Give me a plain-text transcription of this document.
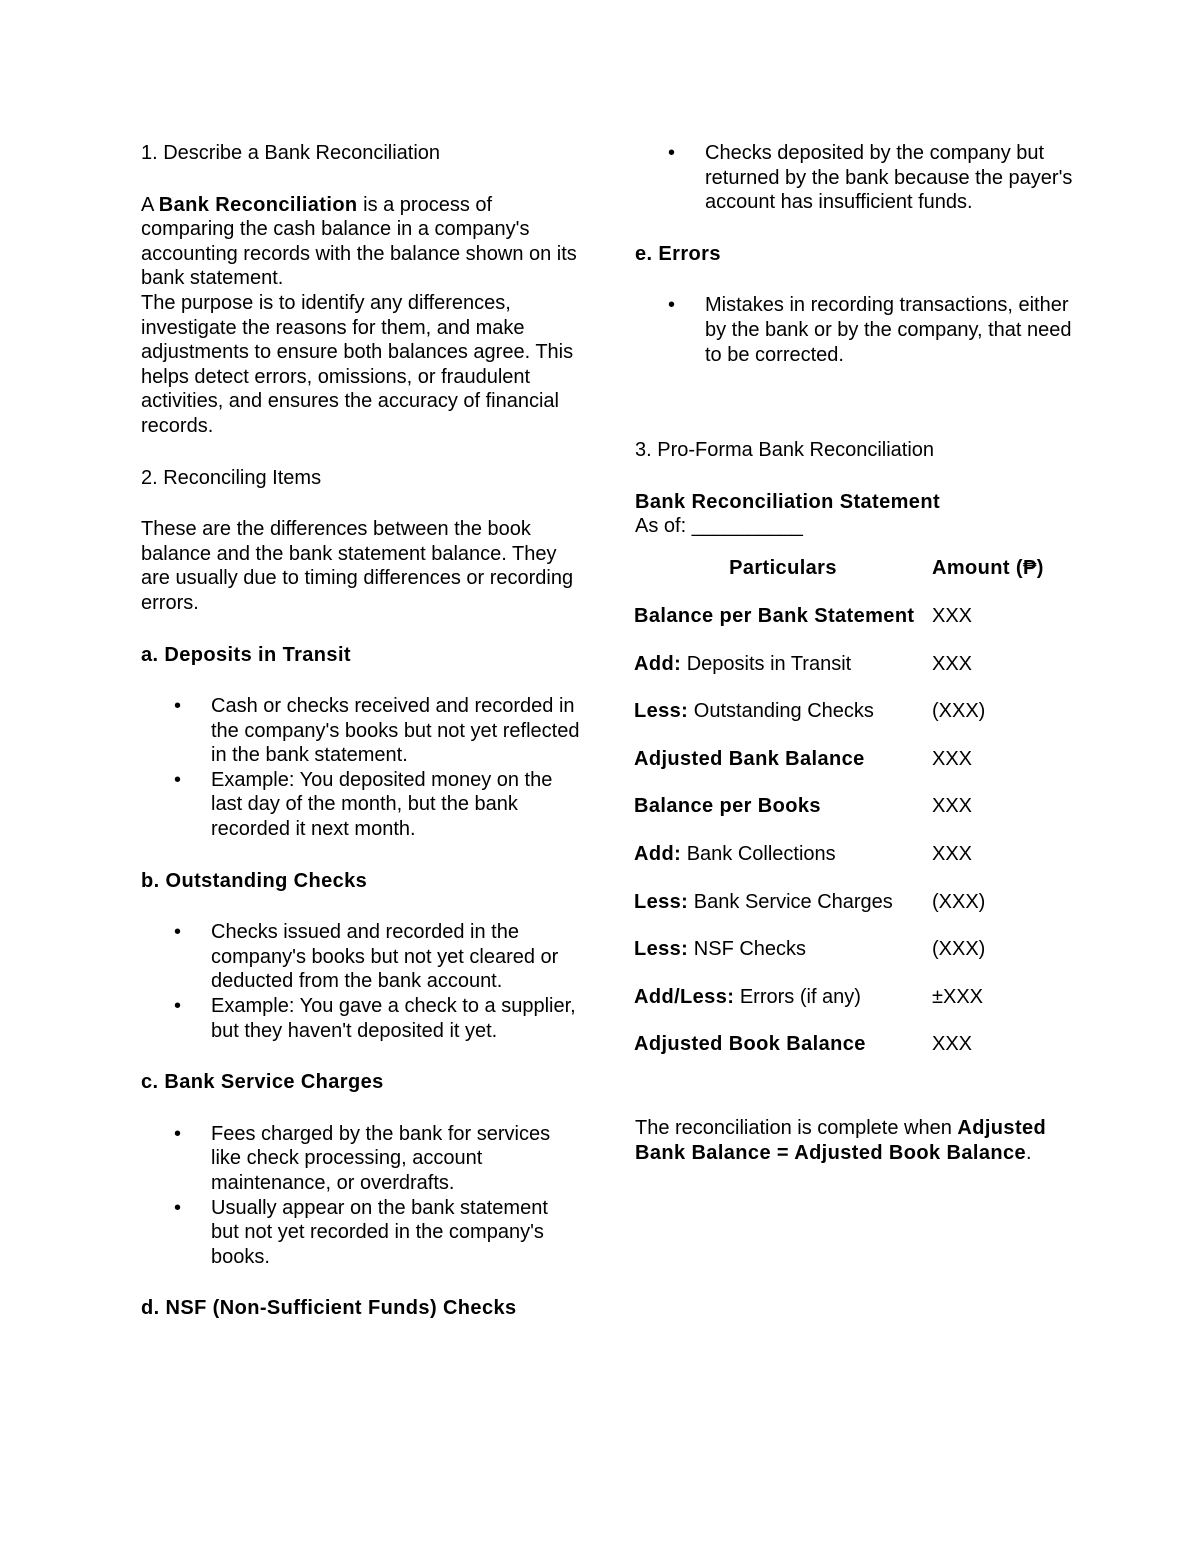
1. Describe a Bank Reconciliation

A Bank Reconciliation is a process of comparing the cash balance in a company's accounting records with the balance shown on its bank statement.

The purpose is to identify any differences, investigate the reasons for them, and make adjustments to ensure both balances agree. This helps detect errors, omissions, or fraudulent activities, and ensures the accuracy of financial records.

2. Reconciling Items

These are the differences between the book balance and the bank statement balance. They are usually due to timing differences or recording errors.

a. Deposits in Transit

• Cash or checks received and recorded in the company's books but not yet reflected in the bank statement.
• Example: You deposited money on the last day of the month, but the bank recorded it next month.

b. Outstanding Checks

• Checks issued and recorded in the company's books but not yet cleared or deducted from the bank account.
• Example: You gave a check to a supplier, but they haven't deposited it yet.

c. Bank Service Charges

• Fees charged by the bank for services like check processing, account maintenance, or overdrafts.
• Usually appear on the bank statement but not yet recorded in the company's books.

d. NSF (Non-Sufficient Funds) Checks

• Checks deposited by the company but returned by the bank because the payer's account has insufficient funds.

e. Errors

• Mistakes in recording transactions, either by the bank or by the company, that need to be corrected.

3. Pro-Forma Bank Reconciliation

Bank Reconciliation Statement

As of: __________

Particulars	Amount (₱)
Balance per Bank Statement	XXX
Add: Deposits in Transit	XXX
Less: Outstanding Checks	(XXX)
Adjusted Bank Balance	XXX
Balance per Books	XXX
Add: Bank Collections	XXX
Less: Bank Service Charges	(XXX)
Less: NSF Checks	(XXX)
Add/Less: Errors (if any)	±XXX
Adjusted Book Balance	XXX

The reconciliation is complete when Adjusted Bank Balance = Adjusted Book Balance.
